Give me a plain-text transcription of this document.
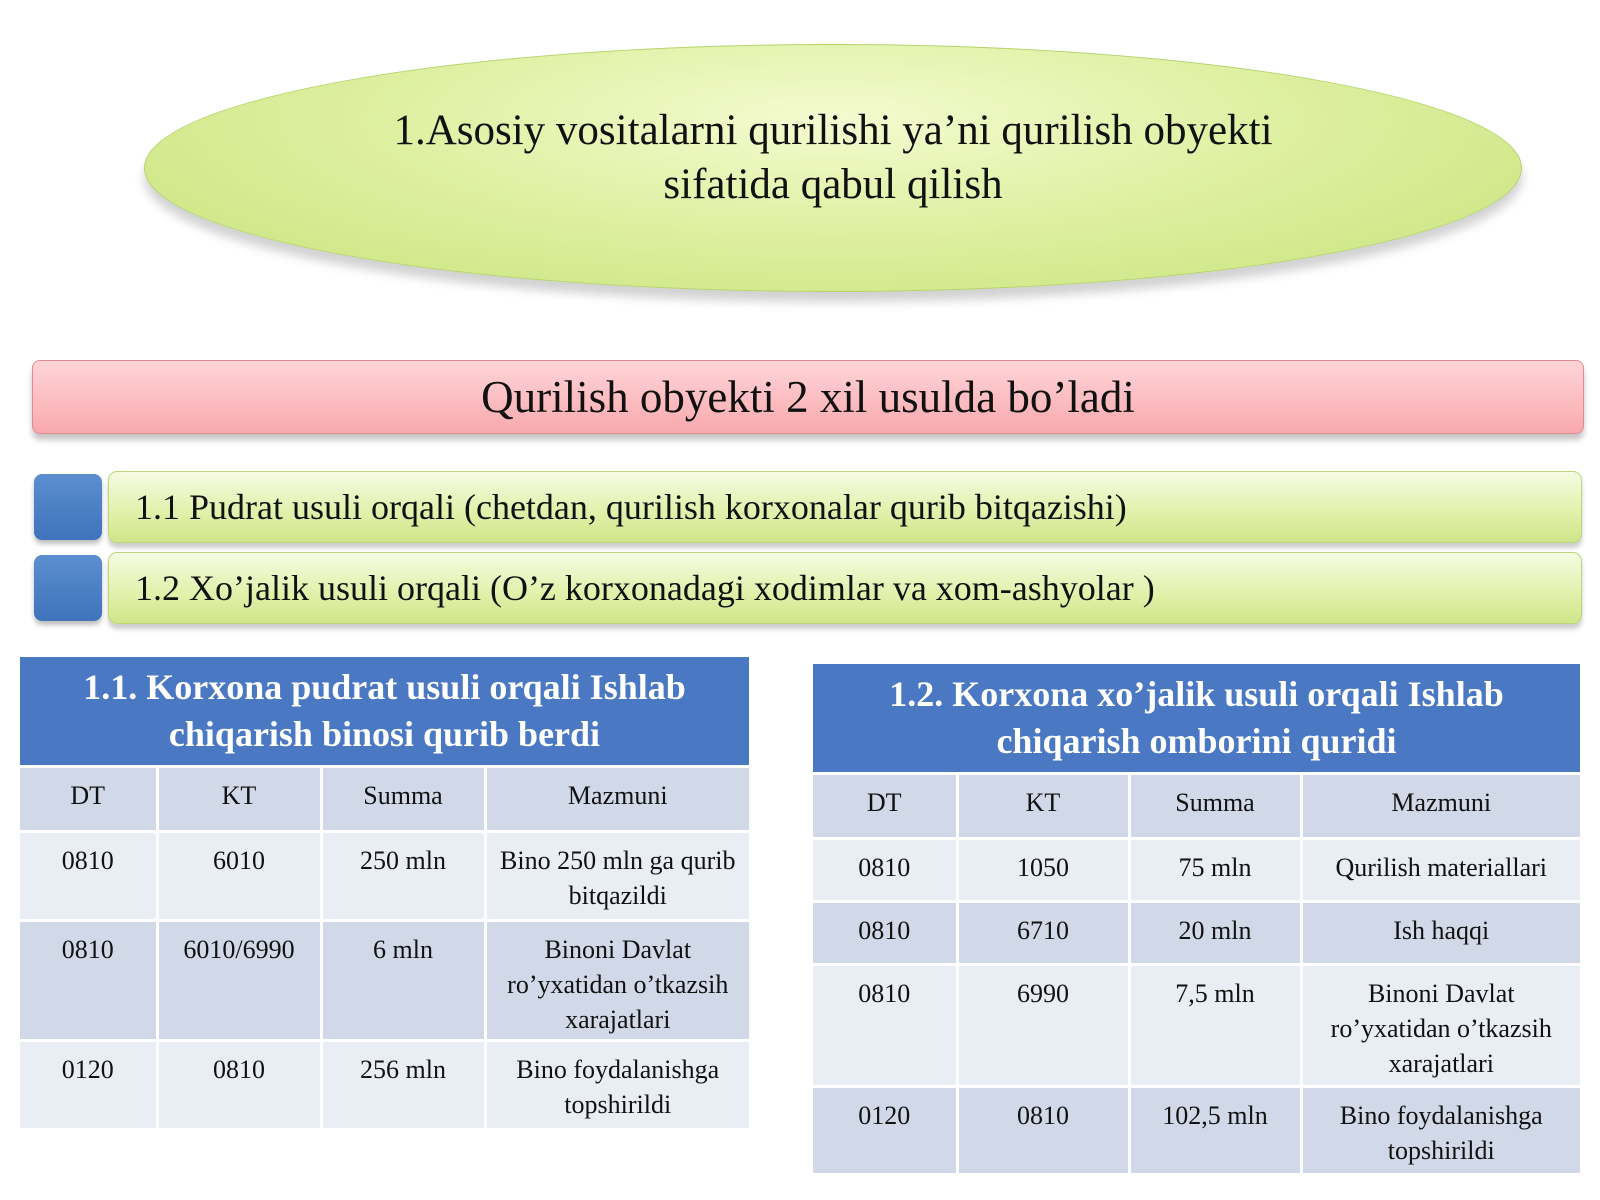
1.Asosiy vositalarni qurilishi ya’ni qurilish obyekti
sifatida qabul qilish
Qurilish obyekti 2 xil usulda bo’ladi
1.1 Pudrat usuli orqali (chetdan, qurilish korxonalar qurib bitqazishi)
1.2 Xo’jalik usuli orqali (O’z korxonadagi xodimlar va xom-ashyolar )
1.1. Korxona pudrat usuli orqali Ishlab
chiqarish binosi qurib berdi
DT	KT	Summa	Mazmuni
0810	6010	250 mln	Bino 250 mln ga qurib bitqazildi
0810	6010/6990	6 mln	Binoni Davlat ro’yxatidan o’tkazsih xarajatlari
0120	0810	256 mln	Bino foydalanishga topshirildi
1.2. Korxona xo’jalik usuli orqali Ishlab
chiqarish omborini quridi
DT	KT	Summa	Mazmuni
0810	1050	75 mln	Qurilish materiallari
0810	6710	20 mln	Ish haqqi
0810	6990	7,5 mln	Binoni Davlat ro’yxatidan o’tkazsih xarajatlari
0120	0810	102,5 mln	Bino foydalanishga topshirildi
